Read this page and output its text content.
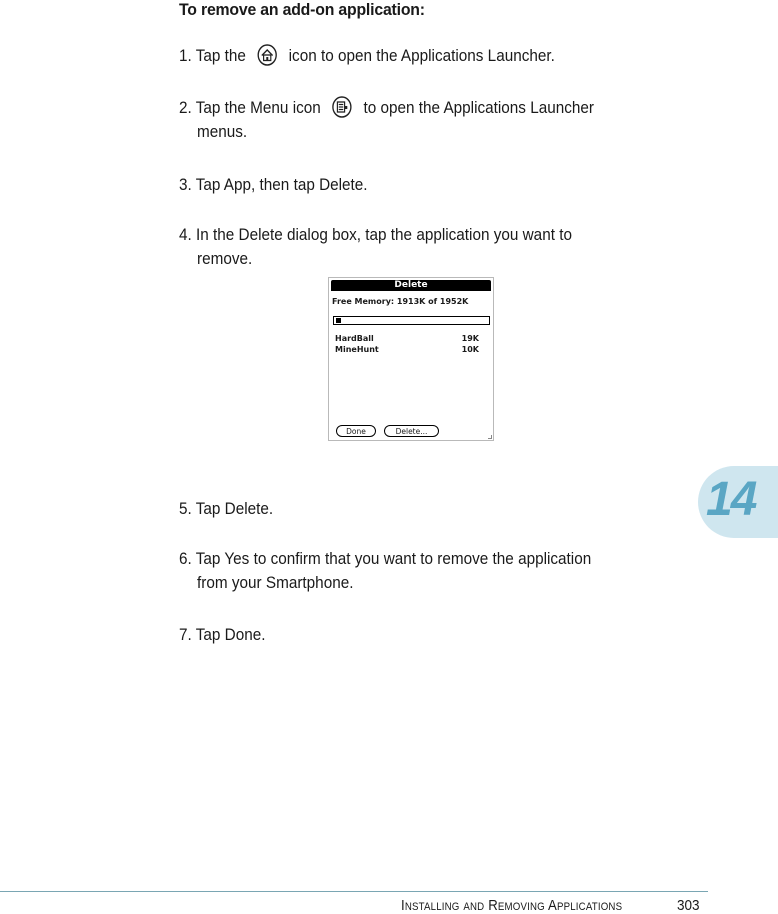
To remove an add-on application:
1. Tap the	icon to open the Applications Launcher.
2. Tap the Menu icon	to open the Applications Launcher
menus.
3. Tap App, then tap Delete.
4. In the Delete dialog box, tap the application you want to
remove.
Delete
Free Memory: 1913K of 1952K
HardBall	19K
MineHunt	10K
Done	Delete...
5. Tap Delete.
6. Tap Yes to confirm that you want to remove the application
from your Smartphone.
7. Tap Done.
14
INSTALLING AND REMOVING APPLICATIONS	303
